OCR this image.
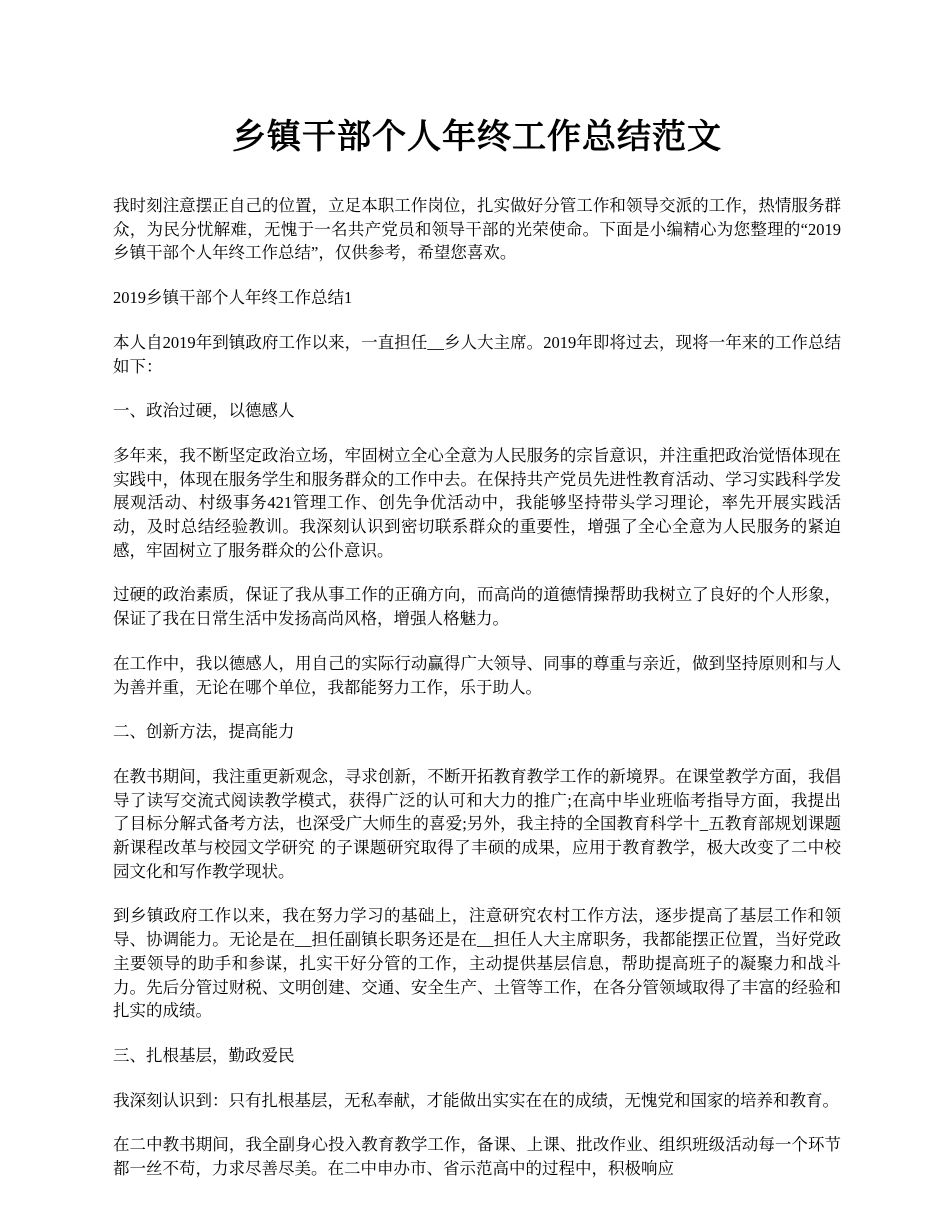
乡镇干部个人年终工作总结范文

我时刻注意摆正自己的位置，立足本职工作岗位，扎实做好分管工作和领导交派的工作，热情服务群众，为民分忧解难，无愧于一名共产党员和领导干部的光荣使命。下面是小编精心为您整理的“2019乡镇干部个人年终工作总结”，仅供参考，希望您喜欢。

2019乡镇干部个人年终工作总结1

本人自2019年到镇政府工作以来，一直担任__乡人大主席。2019年即将过去，现将一年来的工作总结如下：

一、政治过硬，以德感人

多年来，我不断坚定政治立场，牢固树立全心全意为人民服务的宗旨意识，并注重把政治觉悟体现在实践中，体现在服务学生和服务群众的工作中去。在保持共产党员先进性教育活动、学习实践科学发展观活动、村级事务421管理工作、创先争优活动中，我能够坚持带头学习理论，率先开展实践活动，及时总结经验教训。我深刻认识到密切联系群众的重要性，增强了全心全意为人民服务的紧迫感，牢固树立了服务群众的公仆意识。

过硬的政治素质，保证了我从事工作的正确方向，而高尚的道德情操帮助我树立了良好的个人形象，保证了我在日常生活中发扬高尚风格，增强人格魅力。

在工作中，我以德感人，用自己的实际行动赢得广大领导、同事的尊重与亲近，做到坚持原则和与人为善并重，无论在哪个单位，我都能努力工作，乐于助人。

二、创新方法，提高能力

在教书期间，我注重更新观念，寻求创新，不断开拓教育教学工作的新境界。在课堂教学方面，我倡导了读写交流式阅读教学模式，获得广泛的认可和大力的推广;在高中毕业班临考指导方面，我提出了目标分解式备考方法，也深受广大师生的喜爱;另外，我主持的全国教育科学十_五教育部规划课题 新课程改革与校园文学研究 的子课题研究取得了丰硕的成果，应用于教育教学，极大改变了二中校园文化和写作教学现状。

到乡镇政府工作以来，我在努力学习的基础上，注意研究农村工作方法，逐步提高了基层工作和领导、协调能力。无论是在__担任副镇长职务还是在__担任人大主席职务，我都能摆正位置，当好党政主要领导的助手和参谋，扎实干好分管的工作，主动提供基层信息，帮助提高班子的凝聚力和战斗力。先后分管过财税、文明创建、交通、安全生产、土管等工作，在各分管领域取得了丰富的经验和扎实的成绩。

三、扎根基层，勤政爱民

我深刻认识到：只有扎根基层，无私奉献，才能做出实实在在的成绩，无愧党和国家的培养和教育。

在二中教书期间，我全副身心投入教育教学工作，备课、上课、批改作业、组织班级活动每一个环节都一丝不苟，力求尽善尽美。在二中申办市、省示范高中的过程中，积极响应
